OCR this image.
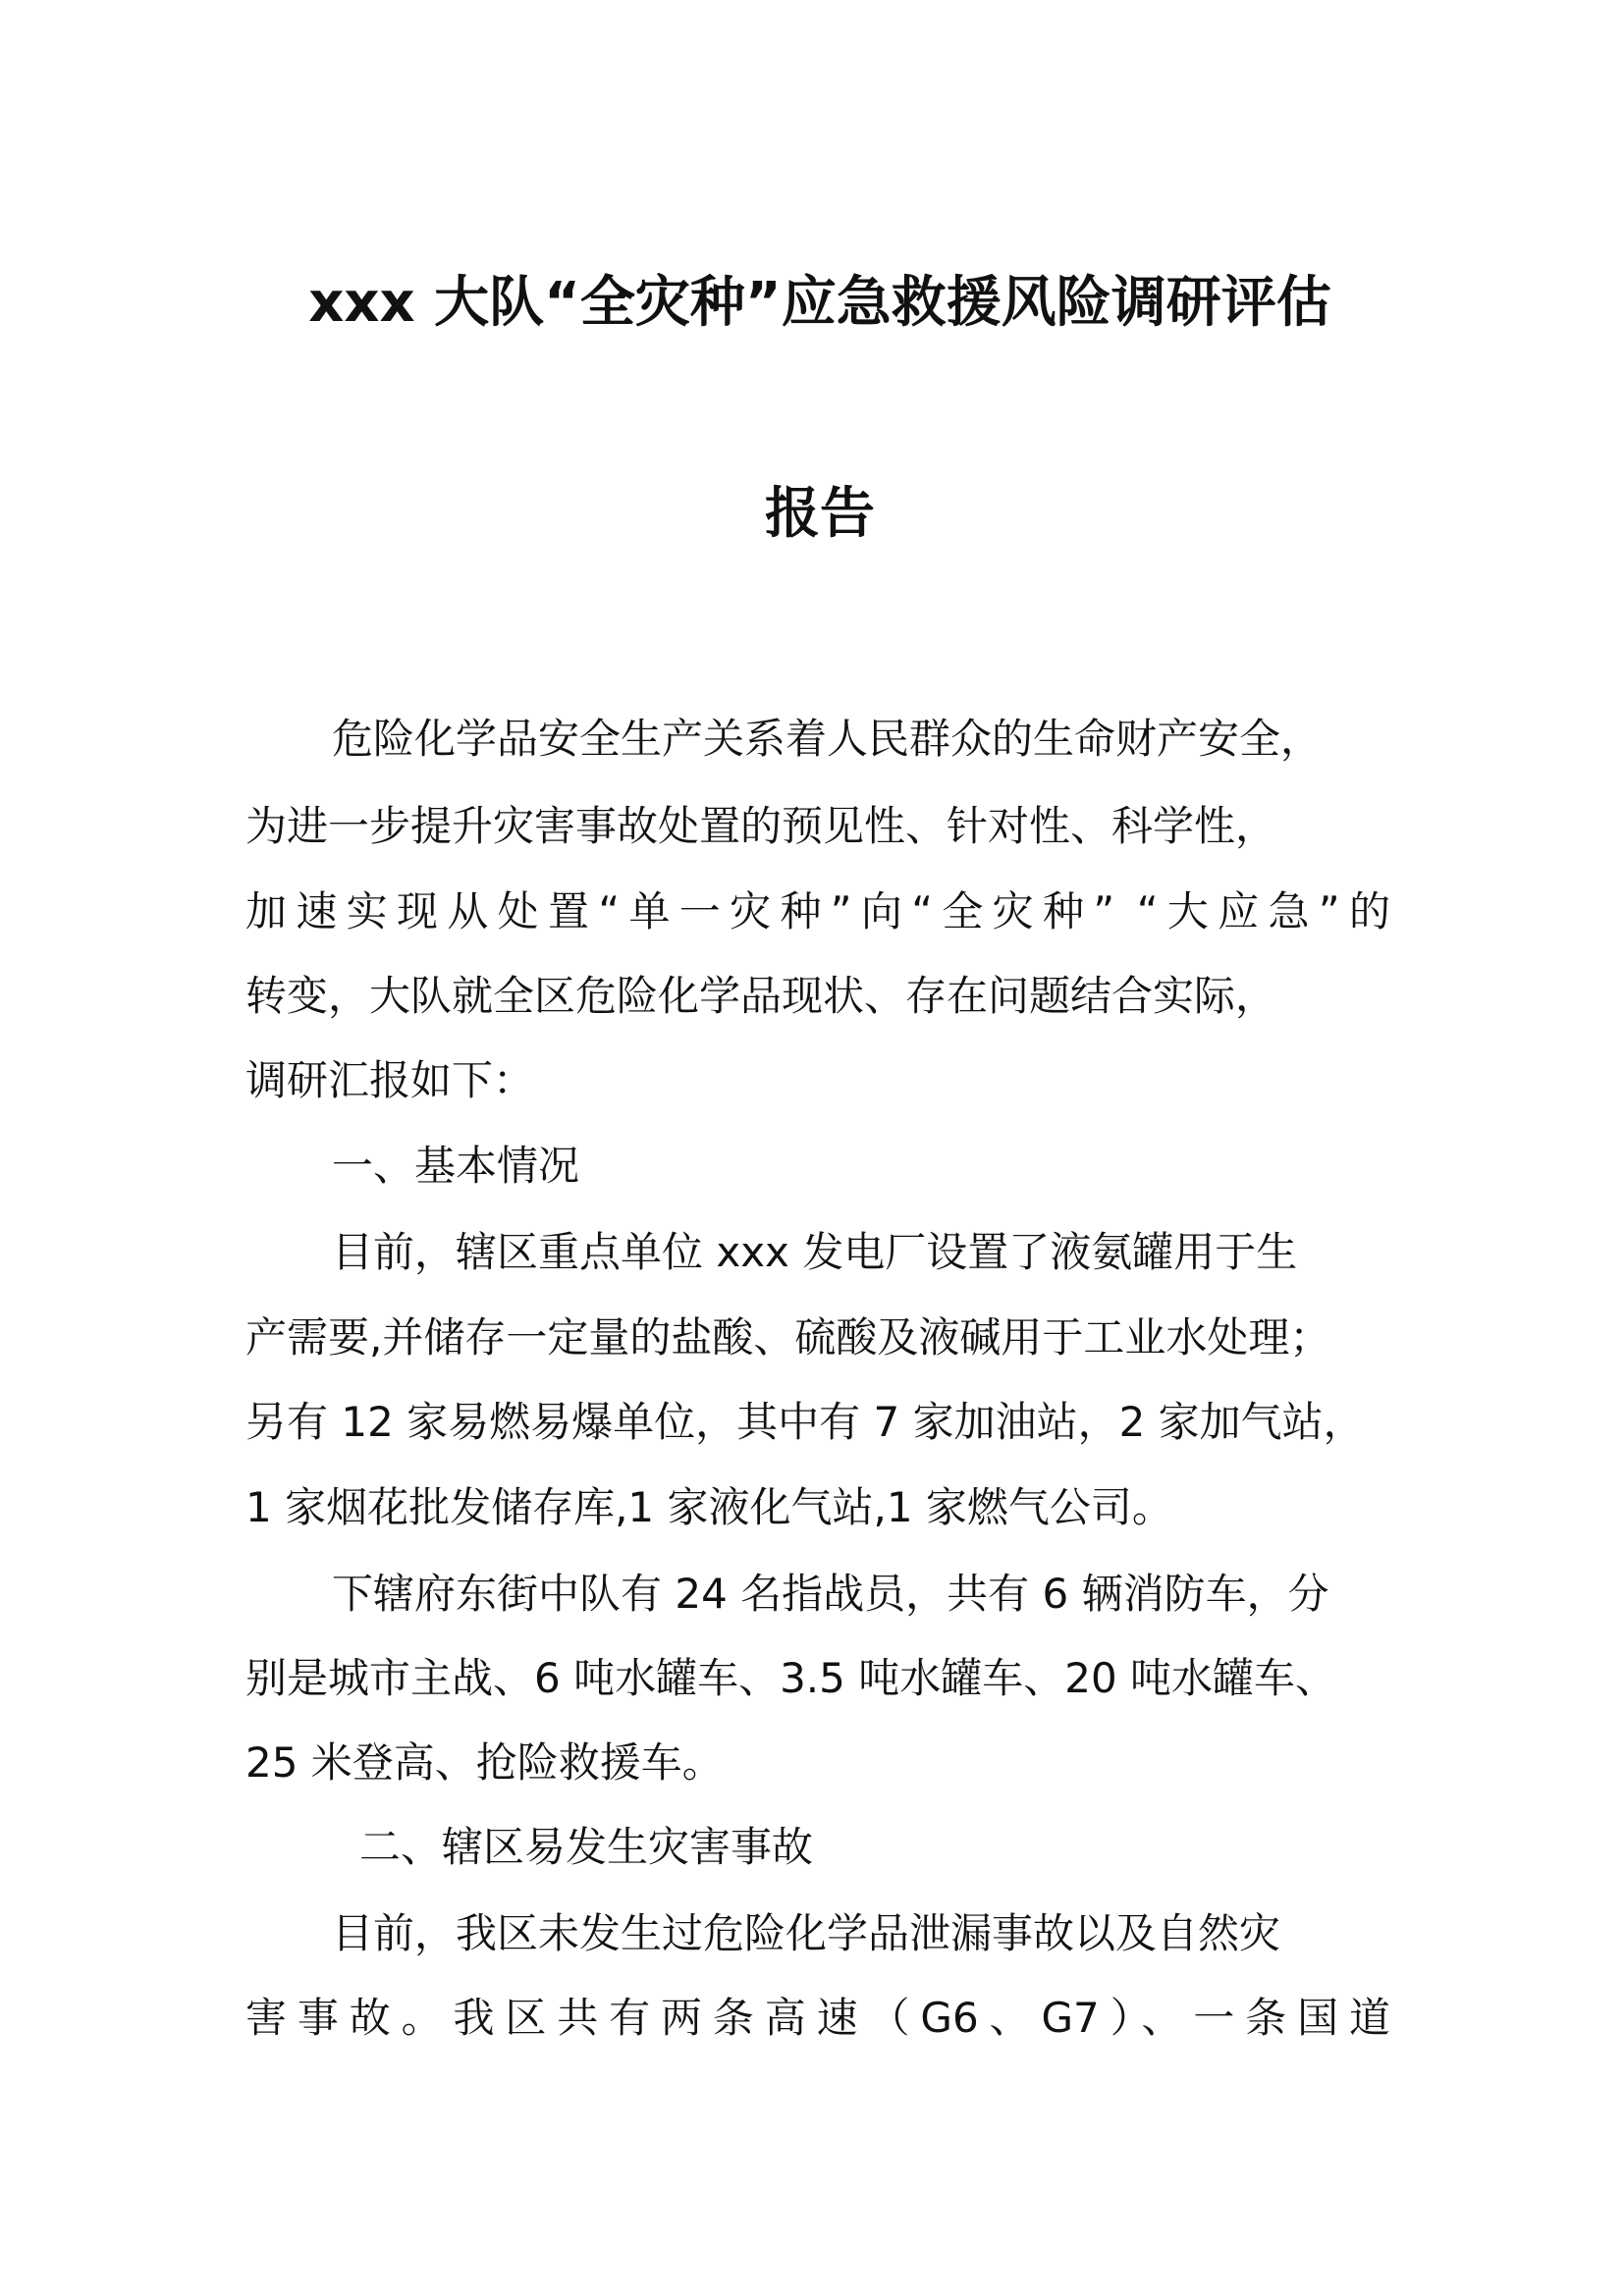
xxx 大队“全灾种”应急救援风险调研评估
报告

危险化学品安全生产关系着人民群众的生命财产安全，

为进一步提升灾害事故处置的预见性、针对性、科学性，

加速实现从处置“单一灾种”向“全灾种” “大应急”的

转变，大队就全区危险化学品现状、存在问题结合实际，

调研汇报如下：

一、基本情况

目前，辖区重点单位 xxx 发电厂设置了液氨罐用于生

产需要,并储存一定量的盐酸、硫酸及液碱用于工业水处理；

另有 12 家易燃易爆单位，其中有 7 家加油站，2 家加气站，

1 家烟花批发储存库,1 家液化气站,1 家燃气公司。

下辖府东街中队有 24 名指战员，共有 6 辆消防车，分

别是城市主战、6 吨水罐车、3.5 吨水罐车、20 吨水罐车、

25 米登高、抢险救援车。

二、辖区易发生灾害事故

目前，我区未发生过危险化学品泄漏事故以及自然灾

害事故。我区共有两条高速（G6、G7）、一条国道
